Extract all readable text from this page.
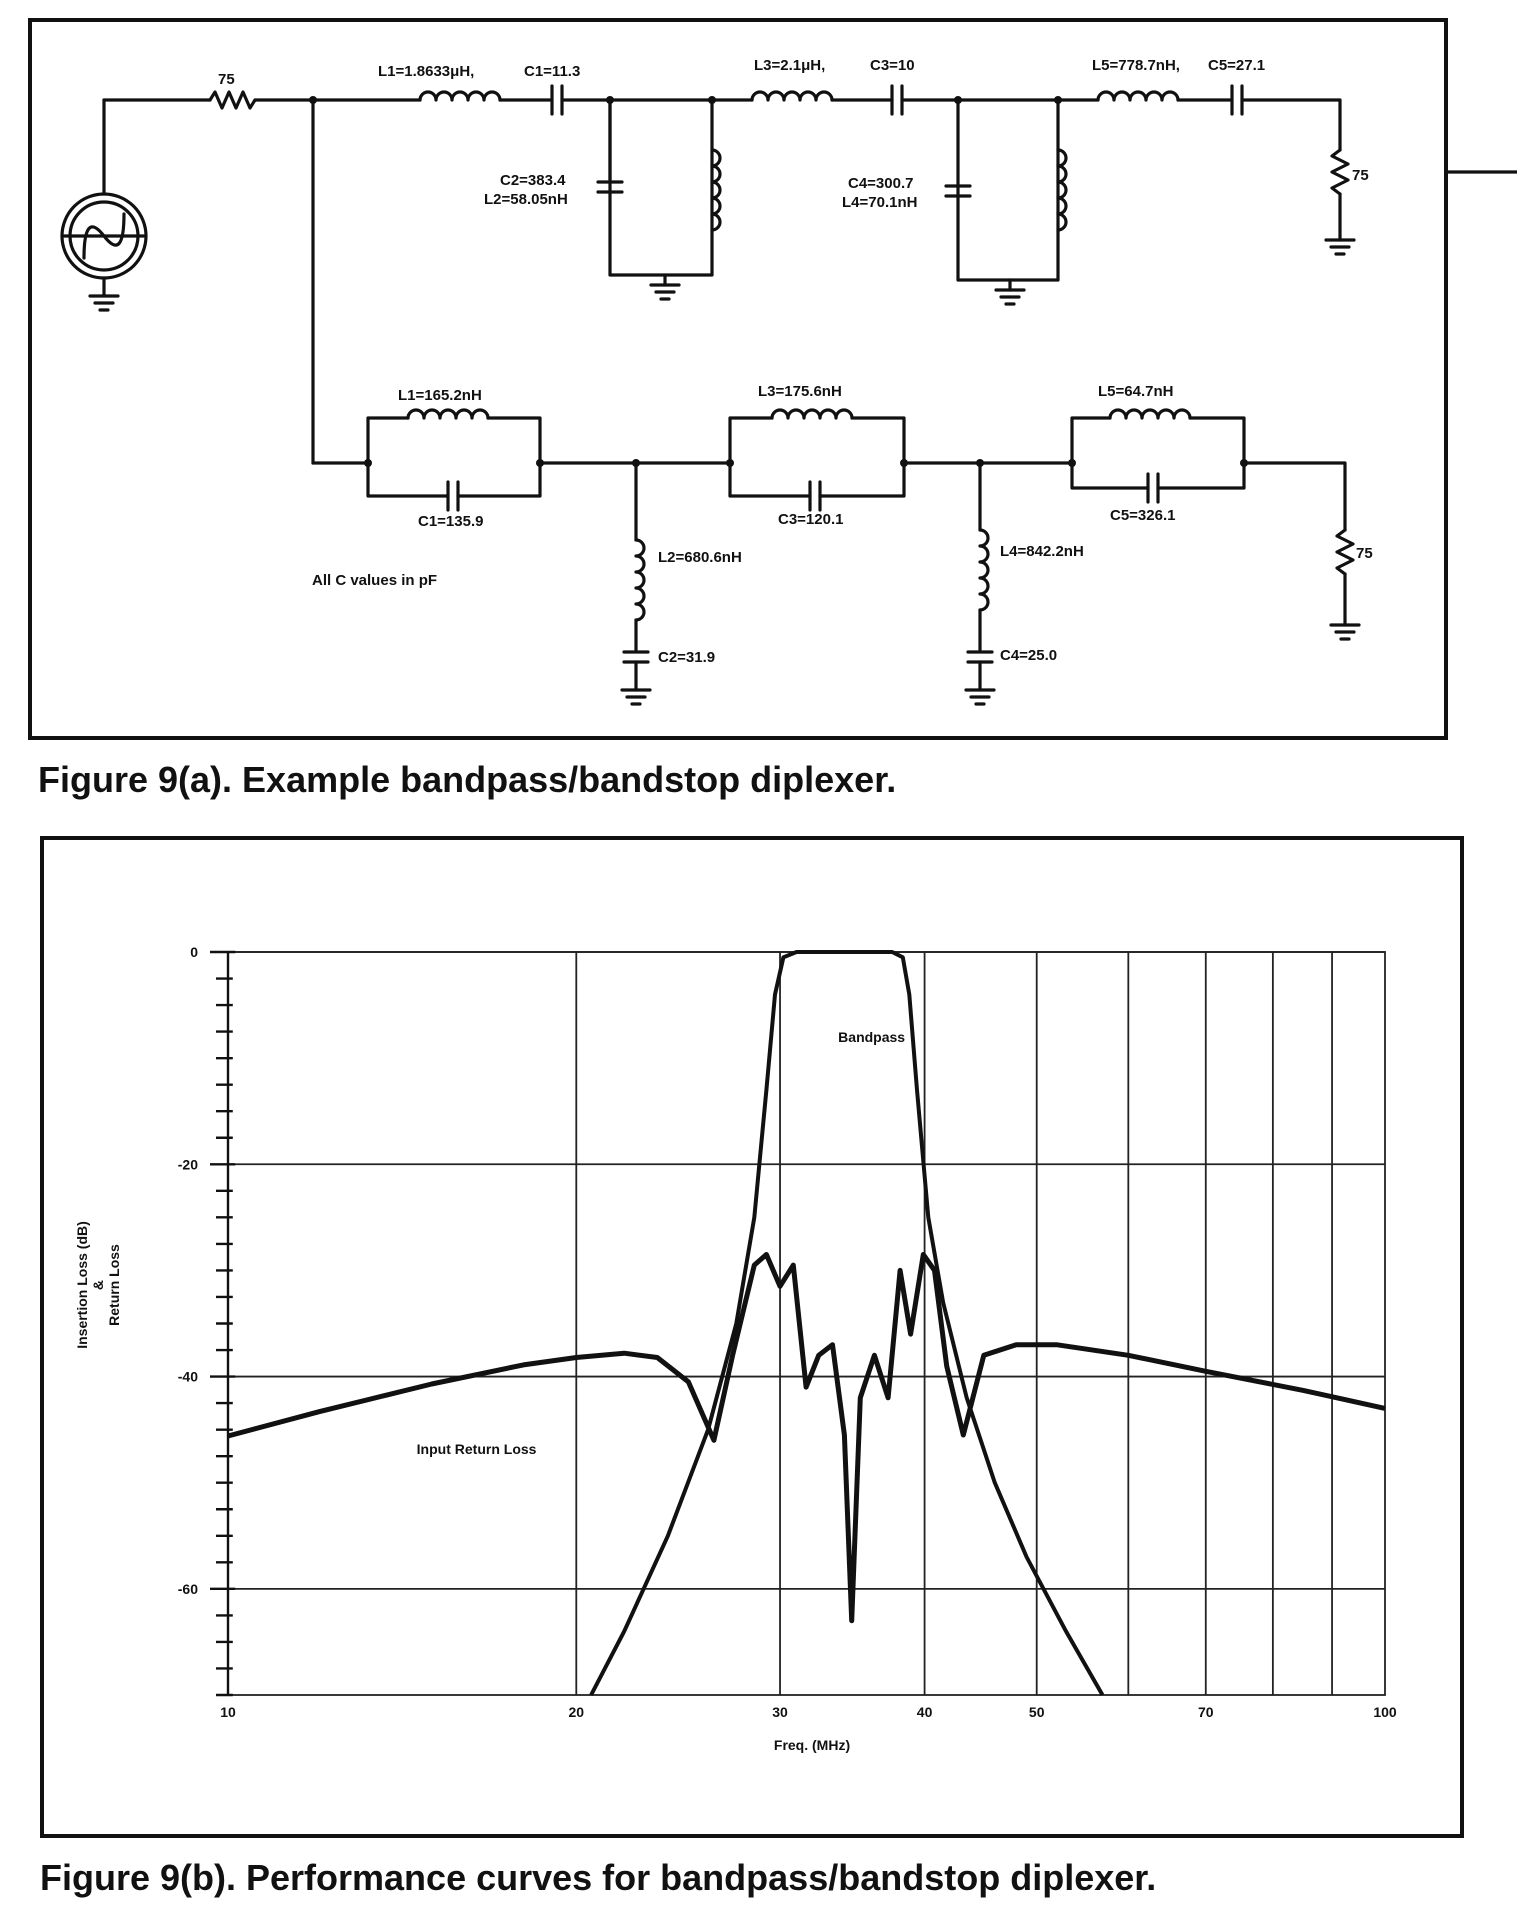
75	L1=1.8633μH,	C1=11.3
C2=383.4
L2=58.05nH
L3=2.1μH,	C3=10
C4=300.7
L4=70.1nH
L5=778.7nH, C5=27.1
75
L1=165.2nH
C1=135.9
L2=680.6nH
C2=31.9
L3=175.6nH
C3=120.1
L4=842.2nH
C4=25.0
L5=64.7nH
C5=326.1
75
All C values in pF
Figure 9(a). Example bandpass/bandstop diplexer.
10	20	30	40	50	70	100
0
-20
-40
-60
Bandpass
Input Return Loss
Freq. (MHz)
Insertion Loss (dB) & Return Loss
Figure 9(b). Performance curves for bandpass/bandstop diplexer.
